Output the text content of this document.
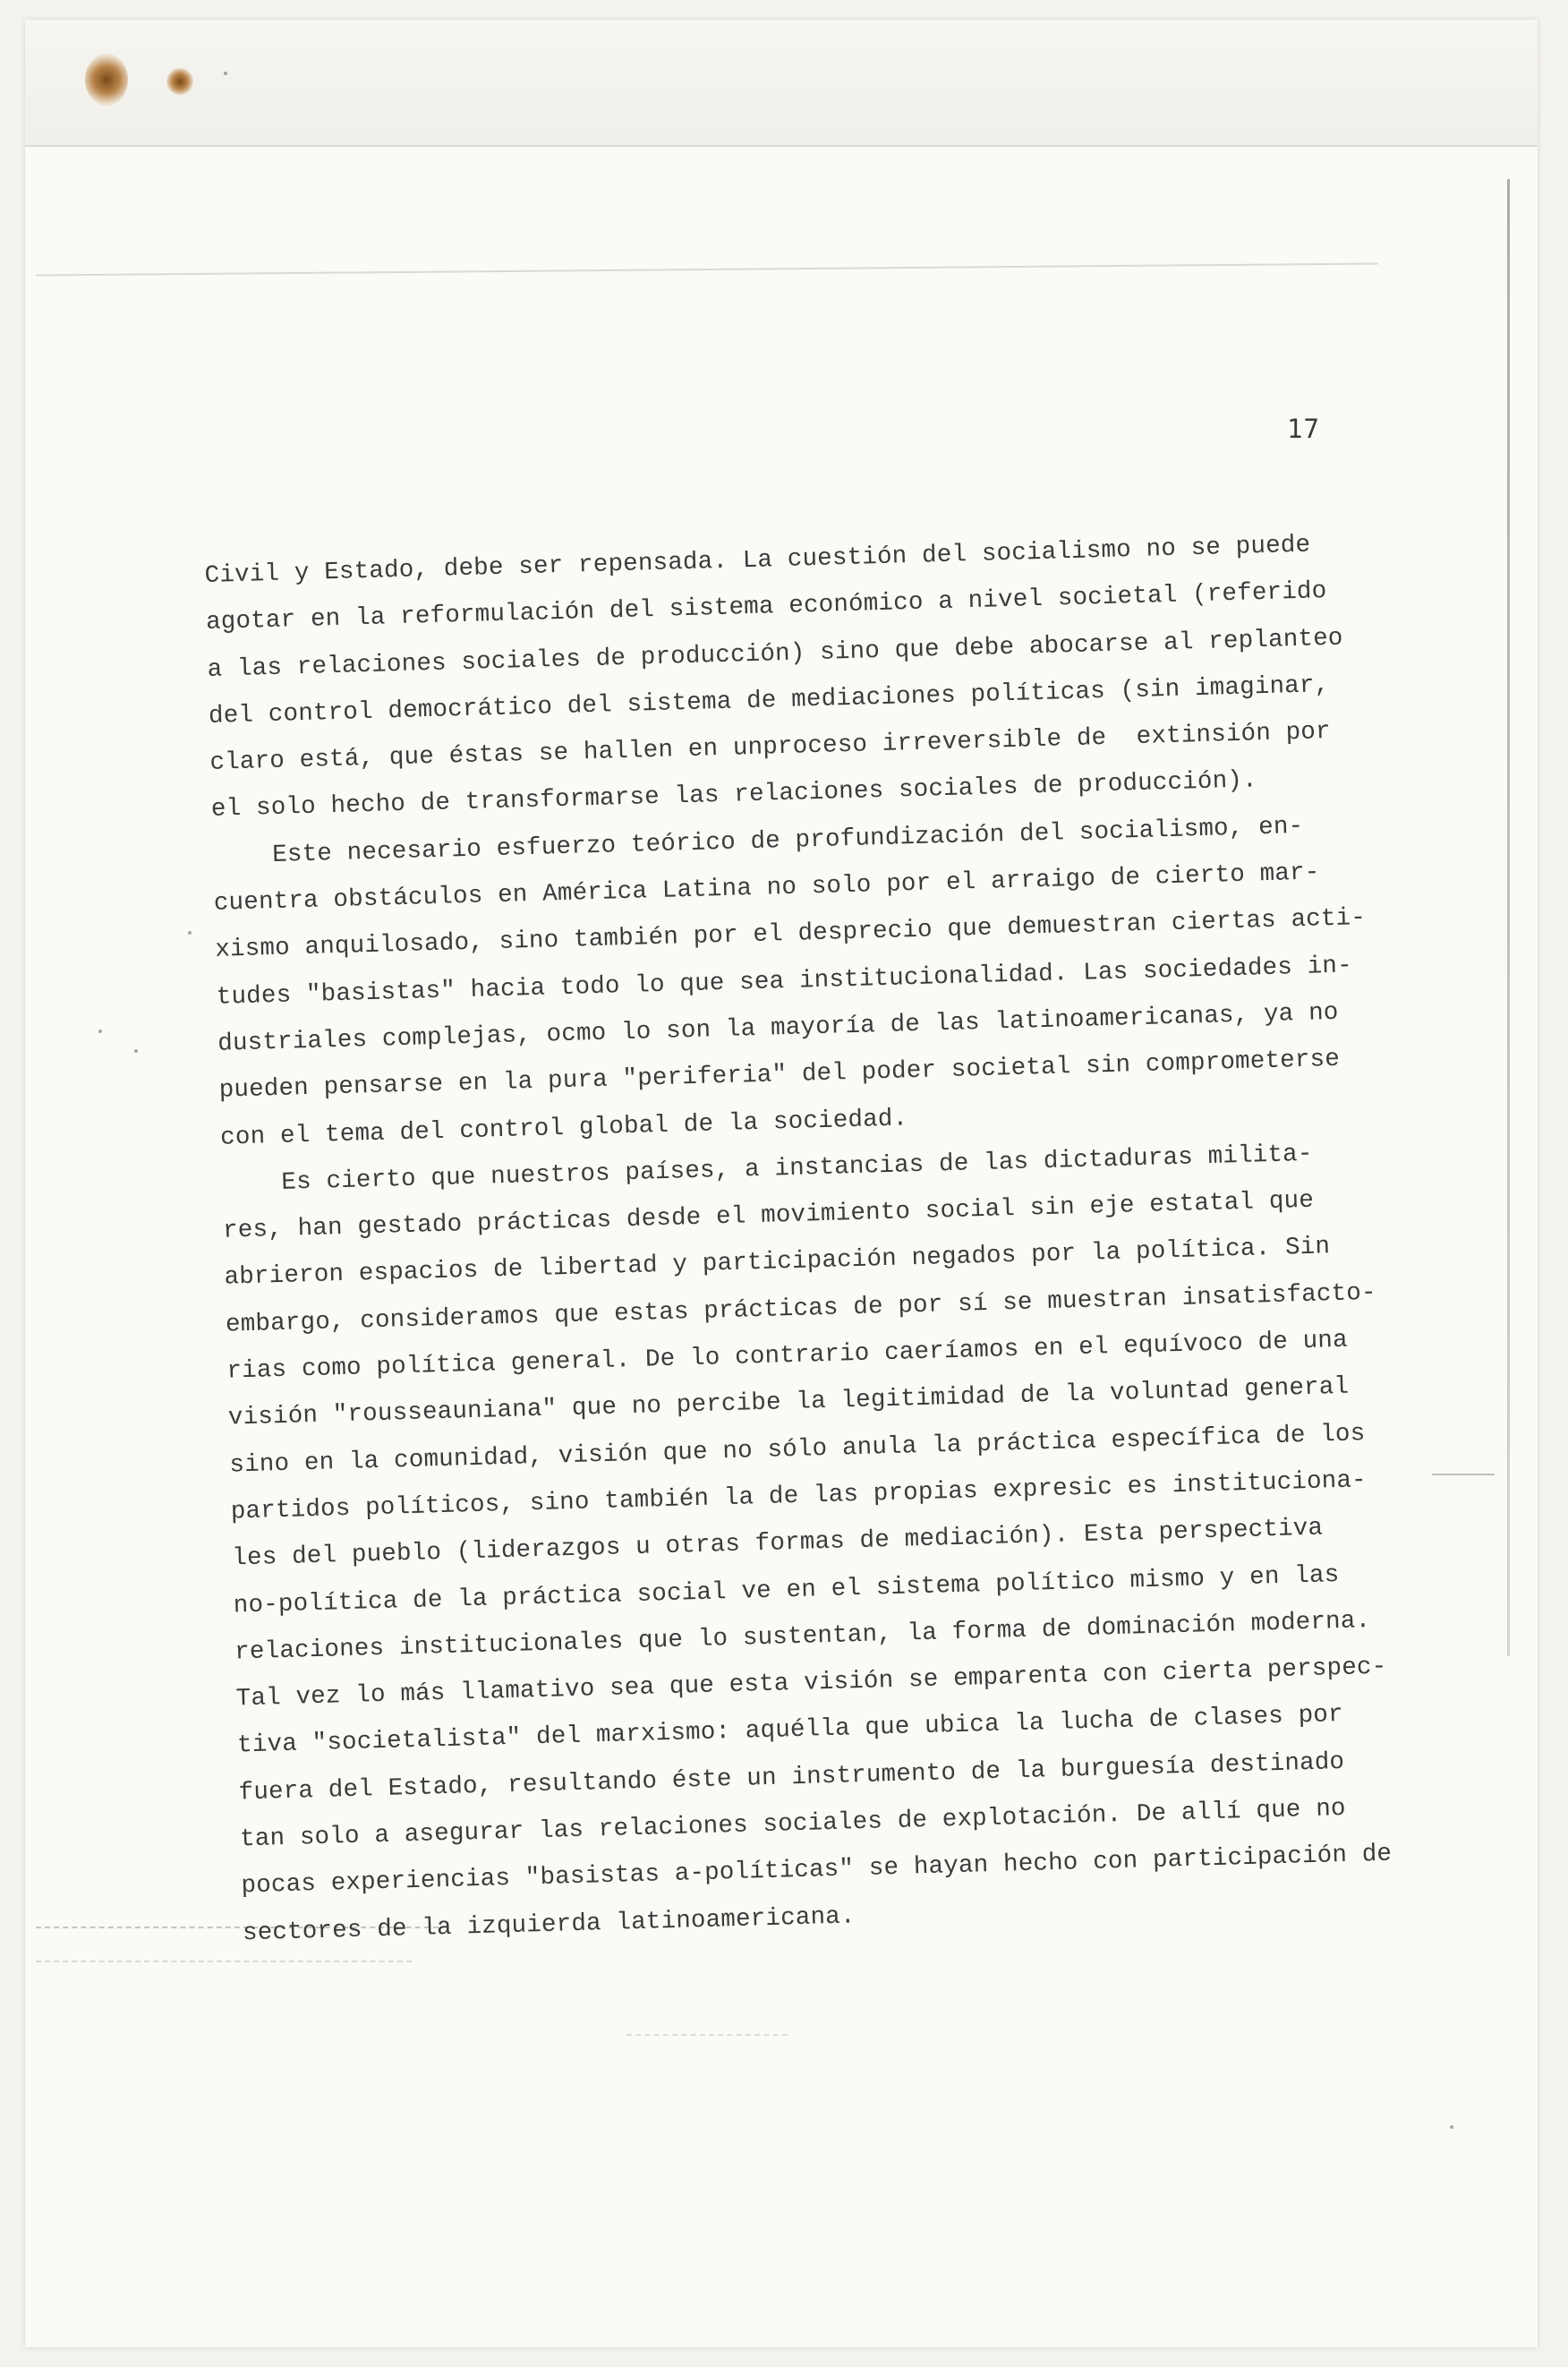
17

Civil y Estado, debe ser repensada. La cuestión del socialismo no se puede

agotar en la reformulación del sistema económico a nivel societal (referido

a las relaciones sociales de producción) sino que debe abocarse al replanteo

del control democrático del sistema de mediaciones políticas (sin imaginar,

claro está, que éstas se hallen en unproceso irreversible de  extinsión por

el solo hecho de transformarse las relaciones sociales de producción).

Este necesario esfuerzo teórico de profundización del socialismo, en-

cuentra obstáculos en América Latina no solo por el arraigo de cierto mar-

xismo anquilosado, sino también por el desprecio que demuestran ciertas acti-

tudes "basistas" hacia todo lo que sea institucionalidad. Las sociedades in-

dustriales complejas, ocmo lo son la mayoría de las latinoamericanas, ya no

pueden pensarse en la pura "periferia" del poder societal sin comprometerse

con el tema del control global de la sociedad.

Es cierto que nuestros países, a instancias de las dictaduras milita-

res, han gestado prácticas desde el movimiento social sin eje estatal que

abrieron espacios de libertad y participación negados por la política. Sin

embargo, consideramos que estas prácticas de por sí se muestran insatisfacto-

rias como política general. De lo contrario caeríamos en el equívoco de una

visión "rousseauniana" que no percibe la legitimidad de la voluntad general

sino en la comunidad, visión que no sólo anula la práctica específica de los

partidos políticos, sino también la de las propias expresic es instituciona-

les del pueblo (liderazgos u otras formas de mediación). Esta perspectiva

no-política de la práctica social ve en el sistema político mismo y en las

relaciones institucionales que lo sustentan, la forma de dominación moderna.

Tal vez lo más llamativo sea que esta visión se emparenta con cierta perspec-

tiva "societalista" del marxismo: aquélla que ubica la lucha de clases por

fuera del Estado, resultando éste un instrumento de la burguesía destinado

tan solo a asegurar las relaciones sociales de explotación. De allí que no

pocas experiencias "basistas a-políticas" se hayan hecho con participación de

sectores de la izquierda latinoamericana.
